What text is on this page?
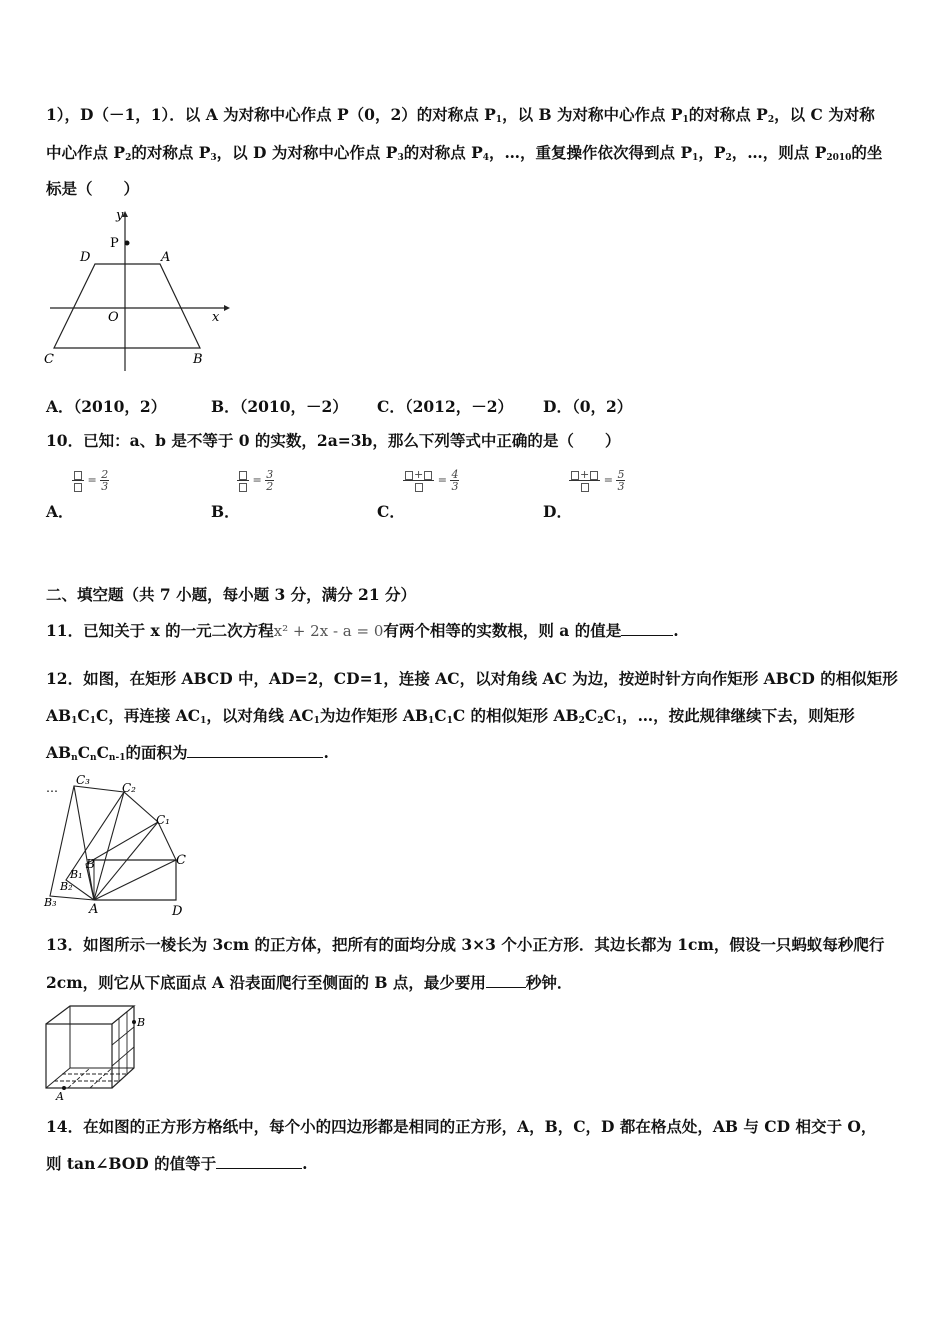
1），D（－1，1）．以 A 为对称中心作点 P（0，2）的对称点 $P_1$，以 B 为对称中心作点 $P_1$的对称点 $P_2$，以 C 为对称
中心作点 $P_2$的对称点 $P_3$，以 D 为对称中心作点 $P_3$的对称点 $P_4$，…，重复操作依次得到点 $P_1$，$P_2$，…，则点 $P_{2010}$的坐
标是（　　）
y
x
O
P
A
D
B
C
A．（2010，2）	B．（2010，－2） C．（2012，－2） D．（0，2）
10．已知：a、b 是不等于 0 的实数，2a=3b，那么下列等式中正确的是（　　）
= $\frac{2}{3}$	= $\frac{3}{2}$	+	= $\frac{4}{3}$	+	= $\frac{5}{3}$
A．	B．	C．	D．
二、填空题（共 7 小题，每小题 3 分，满分 21 分）
11．已知关于 x 的一元二次方程x² + 2x - a = 0有两个相等的实数根，则 a 的值是	.
12．如图，在矩形 ABCD 中，AD=2，CD=1，连接 AC，以对角线 AC 为边，按逆时针方向作矩形 ABCD 的相似矩形
$AB_1C_1C$，再连接 $AC_1$，以对角线 $AC_1$为边作矩形 $AB_1C_1C$ 的相似矩形 $AB_2C_2C_1$，…，按此规律继续下去，则矩形
$AB_nC_nC_{n-1}$的面积为	.
C₃
…	C₂
C₁
C
B
B₁
B₂
B₃	A	D
13．如图所示一棱长为 3cm 的正方体，把所有的面均分成 3×3 个小正方形．其边长都为 1cm，假设一只蚂蚁每秒爬行
2cm，则它从下底面点 A 沿表面爬行至侧面的 B 点，最少要用	秒钟．
B
A
14．在如图的正方形方格纸中，每个小的四边形都是相同的正方形，A，B，C，D 都在格点处，AB 与 CD 相交于 O，
则 tan∠BOD 的值等于	.
